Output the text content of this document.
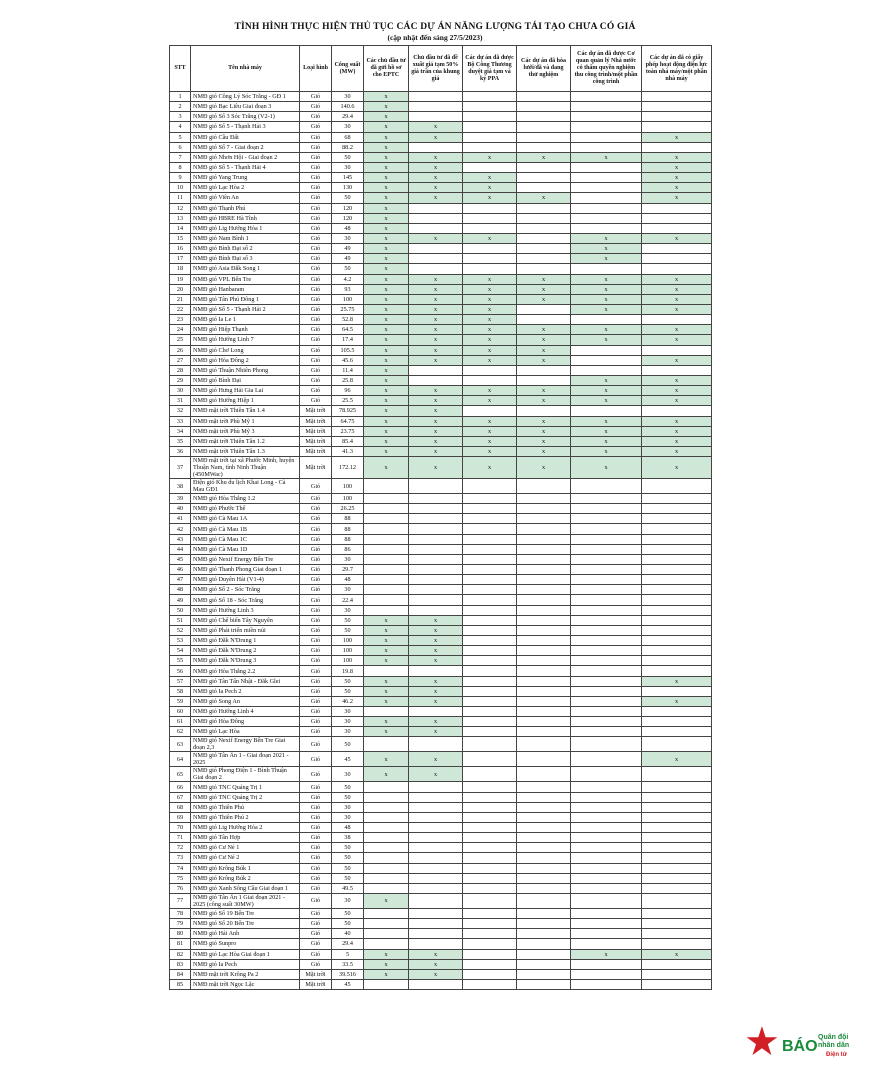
TÌNH HÌNH THỰC HIỆN THỦ TỤC CÁC DỰ ÁN NĂNG LƯỢNG TÁI TẠO CHƯA CÓ GIÁ
(cập nhật đến sáng 27/5/2023)
STT	Tên nhà máy	Loại hình	Công suất (MW)	Các chủ đầu tư đã gửi hồ sơ cho EPTC	Chủ đầu tư đã đề xuất giá tạm 50% giá trần của khung giá	Các dự án đã được Bộ Công Thương duyệt giá tạm và ký PPA	Các dự án đã hòa lưới/đã và đang thử nghiệm	Các dự án đã được Cơ quan quản lý Nhà nước có thẩm quyền nghiệm thu công trình/một phần công trình	Các dự án đã có giấy phép hoạt động điện lực toàn nhà máy/một phần nhà máy
1	NMĐ gió Công Lý Sóc Trăng - GĐ 1	Gió	30	x					
2	NMĐ gió Bạc Liêu Giai đoạn 3	Gió	140.6	x					
3	NMĐ gió Số 3 Sóc Trăng (V2-1)	Gió	29.4	x					
4	NMĐ gió Số 5 - Thạnh Hải 3	Gió	30	x	x				
5	NMĐ gió Cầu Đất	Gió	68	x	x				x
6	NMĐ gió Số 7 - Giai đoạn 2	Gió	88.2	x					
7	NMĐ gió Nhơn Hội - Giai đoạn 2	Gió	50	x	x	x	x	x	x
8	NMĐ gió Số 5 - Thạnh Hải 4	Gió	30	x	x				x
9	NMĐ gió Yang Trung	Gió	145	x	x	x			x
10	NMĐ gió Lạc Hòa 2	Gió	130	x	x	x			x
11	NMĐ gió Viên An	Gió	50	x	x	x	x		x
12	NMĐ gió Thạnh Phú	Gió	120	x					
13	NMĐ gió HBRE Hà Tĩnh	Gió	120	x					
14	NMĐ gió Lig Hướng Hóa 1	Gió	48	x					
15	NMĐ gió Nam Bình 1	Gió	30	x	x	x		x	x
16	NMĐ gió Bình Đại số 2	Gió	49	x				x	
17	NMĐ gió Bình Đại số 3	Gió	49	x				x	
18	NMĐ gió Asia Đắk Song 1	Gió	50	x					
19	NMĐ gió VPL Bến Tre	Gió	4.2	x	x	x	x	x	x
20	NMĐ gió Hanbaram	Gió	93	x	x	x	x	x	x
21	NMĐ gió Tân Phú Đông 1	Gió	100	x	x	x	x	x	x
22	NMĐ gió Số 5 - Thạnh Hải 2	Gió	25.75	x	x	x		x	x
23	NMĐ gió Ia Le 1	Gió	52.8	x	x	x			
24	NMĐ gió Hiệp Thạnh	Gió	64.5	x	x	x	x	x	x
25	NMĐ gió Hướng Linh 7	Gió	17.4	x	x	x	x	x	x
26	NMĐ gió Chơ Long	Gió	105.5	x	x	x	x		
27	NMĐ gió Hòa Đông 2	Gió	45.6	x	x	x	x		x
28	NMĐ gió Thuận Nhiên Phong	Gió	11.4	x					
29	NMĐ gió Bình Đại	Gió	25.8	x				x	x
30	NMĐ gió Hưng Hải Gia Lai	Gió	96	x	x	x	x	x	x
31	NMĐ gió Hướng Hiệp 1	Gió	25.5	x	x	x	x	x	x
32	NMĐ mặt trời Thiên Tân 1.4	Mặt trời	78.925	x	x				
33	NMĐ mặt trời Phù Mỹ 1	Mặt trời	64.75	x	x	x	x	x	x
34	NMĐ mặt trời Phù Mỹ 3	Mặt trời	23.75	x	x	x	x	x	x
35	NMĐ mặt trời Thiên Tân 1.2	Mặt trời	85.4	x	x	x	x	x	x
36	NMĐ mặt trời Thiên Tân 1.3	Mặt trời	41.3	x	x	x	x	x	x
37	NMĐ mặt trời tại xã Phước Minh, huyện Thuận Nam, tỉnh Ninh Thuận (450MWac)	Mặt trời	172.12	x	x	x	x	x	x
38	Điện gió Khu du lịch Khai Long - Cà Mau GĐ1	Gió	100						
39	NMĐ gió Hòa Thắng 1.2	Gió	100						
40	NMĐ gió Phước Thể	Gió	26.25						
41	NMĐ gió Cà Mau 1A	Gió	88						
42	NMĐ gió Cà Mau 1B	Gió	88						
43	NMĐ gió Cà Mau 1C	Gió	88						
44	NMĐ gió Cà Mau 1D	Gió	86						
45	NMĐ gió Nexif Energy Bến Tre	Gió	30						
46	NMĐ gió Thanh Phong Giai đoạn 1	Gió	29.7						
47	NMĐ gió Duyên Hải (V1-4)	Gió	48						
48	NMĐ gió Số 2 - Sóc Trăng	Gió	30						
49	NMĐ gió Số 18 - Sóc Trăng	Gió	22.4						
50	NMĐ gió Hướng Linh 3	Gió	30						
51	NMĐ gió Chế biến Tây Nguyên	Gió	50	x	x				
52	NMĐ gió Phát triển miền núi	Gió	50	x	x				
53	NMĐ gió Đăk N'Drung 1	Gió	100	x	x				
54	NMĐ gió Đăk N'Drung 2	Gió	100	x	x				
55	NMĐ gió Đăk N'Drung 3	Gió	100	x	x				
56	NMĐ gió Hòa Thắng 2.2	Gió	19.8						
57	NMĐ gió Tân Tấn Nhật - Đăk Glei	Gió	50	x	x				x
58	NMĐ gió Ia Pech 2	Gió	50	x	x				
59	NMĐ gió Song An	Gió	46.2	x	x				x
60	NMĐ gió Hướng Linh 4	Gió	30						
61	NMĐ gió Hòa Đông	Gió	30	x	x				
62	NMĐ gió Lạc Hòa	Gió	30	x	x				
63	NMĐ gió Nexif Energy Bến Tre Giai đoạn 2,3	Gió	50						
64	NMĐ gió Tân Ân 1 - Giai đoạn 2021 - 2025	Gió	45	x	x				x
65	NMĐ gió Phong Điện 1 - Bình Thuận Giai đoạn 2	Gió	30	x	x				
66	NMĐ gió TNC Quảng Trị 1	Gió	50						
67	NMĐ gió TNC Quảng Trị 2	Gió	50						
68	NMĐ gió Thiên Phú	Gió	30						
69	NMĐ gió Thiên Phú 2	Gió	30						
70	NMĐ gió Lig Hướng Hóa 2	Gió	48						
71	NMĐ gió Tân Hợp	Gió	38						
72	NMĐ gió Cư Né 1	Gió	50						
73	NMĐ gió Cư Né 2	Gió	50						
74	NMĐ gió Krông Búk 1	Gió	50						
75	NMĐ gió Krông Búk 2	Gió	50						
76	NMĐ gió Xanh Sông Cầu Giai đoạn 1	Gió	49.5						
77	NMĐ gió Tân Ân 1 Giai đoạn 2021 - 2025 (công suất 30MW)	Gió	30	x					
78	NMĐ gió Số 19 Bến Tre	Gió	50						
79	NMĐ gió Số 20 Bến Tre	Gió	50						
80	NMĐ gió Hải Anh	Gió	40						
81	NMĐ gió Sunpro	Gió	29.4						
82	NMĐ gió Lạc Hòa Giai đoạn 1	Gió	5	x	x			x	x
83	NMĐ gió Ia Pech	Gió	33.5	x	x				
84	NMĐ mặt trời Krông Pa 2	Mặt trời	39.516	x	x				
85	NMĐ mặt trời Ngọc Lặc	Mặt trời	45						
★ BÁO
Quân đội
nhân dân
Điện tử
